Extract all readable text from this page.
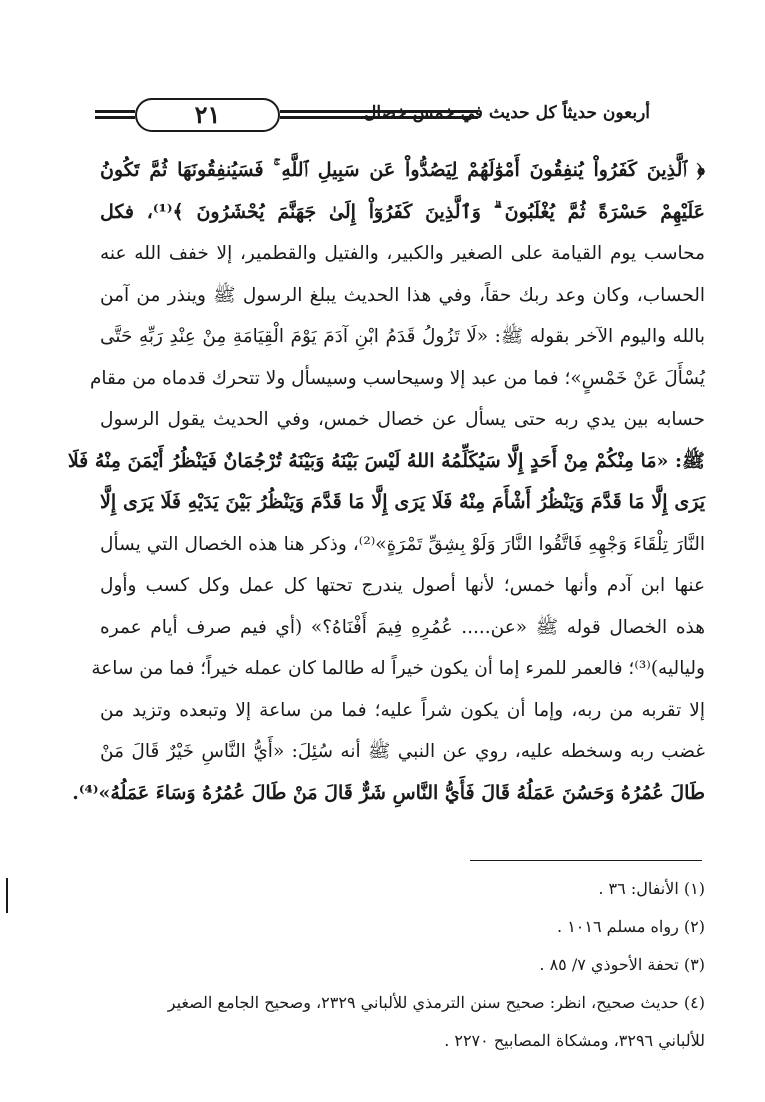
٢١	أربعون حديثاً كل حديث في خمس خصال
﴿ ٱلَّذِينَ كَفَرُواْ يُنفِقُونَ أَمْوَٰلَهُمْ لِيَصُدُّواْ عَن سَبِيلِ ٱللَّهِ ۚ فَسَيُنفِقُونَهَا ثُمَّ تَكُونُ
عَلَيْهِمْ حَسْرَةً ثُمَّ يُغْلَبُونَ ۗ وَٱلَّذِينَ كَفَرُوٓاْ إِلَىٰ جَهَنَّمَ يُحْشَرُونَ ﴾⁽¹⁾، فكل
محاسب يوم القيامة على الصغير والكبير، والفتيل والقطمير، إلا خفف الله عنه
الحساب، وكان وعد ربك حقاً، وفي هذا الحديث يبلغ الرسول ﷺ وينذر من آمن
بالله واليوم الآخر بقوله ﷺ: «لَا تَزُولُ قَدَمُ ابْنِ آدَمَ يَوْمَ الْقِيَامَةِ مِنْ عِنْدِ رَبِّهِ حَتَّى
يُسْأَلَ عَنْ خَمْسٍ»؛ فما من عبد إلا وسيحاسب وسيسأل ولا تتحرك قدماه من مقام
حسابه بين يدي ربه حتى يسأل عن خصال خمس، وفي الحديث يقول الرسول
ﷺ: «مَا مِنْكُمْ مِنْ أَحَدٍ إِلَّا سَيُكَلِّمُهُ اللهُ لَيْسَ بَيْنَهُ وَبَيْنَهُ تُرْجُمَانٌ فَيَنْظُرُ أَيْمَنَ مِنْهُ فَلَا
يَرَى إِلَّا مَا قَدَّمَ وَيَنْظُرُ أَشْأَمَ مِنْهُ فَلَا يَرَى إِلَّا مَا قَدَّمَ وَيَنْظُرُ بَيْنَ يَدَيْهِ فَلَا يَرَى إِلَّا
النَّارَ تِلْقَاءَ وَجْهِهِ فَاتَّقُوا النَّارَ وَلَوْ بِشِقِّ تَمْرَةٍ»⁽²⁾، وذكر هنا هذه الخصال التي يسأل
عنها ابن آدم وأنها خمس؛ لأنها أصول يندرج تحتها كل عمل وكل كسب وأول
هذه الخصال قوله ﷺ «عن..... عُمُرِهِ فِيمَ أَفْنَاهُ؟» (أي فيم صرف أيام عمره
ولياليه)⁽³⁾؛ فالعمر للمرء إما أن يكون خيراً له طالما كان عمله خيراً؛ فما من ساعة
إلا تقربه من ربه، وإما أن يكون شراً عليه؛ فما من ساعة إلا وتبعده وتزيد من
غضب ربه وسخطه عليه، روي عن النبي ﷺ أنه سُئِلَ: «أَيُّ النَّاسِ خَيْرٌ قَالَ مَنْ
طَالَ عُمُرُهُ وَحَسُنَ عَمَلُهُ قَالَ فَأَيُّ النَّاسِ شَرٌّ قَالَ مَنْ طَالَ عُمُرُهُ وَسَاءَ عَمَلُهُ»⁽⁴⁾.
(١) الأنفال: ٣٦ .
(٢) رواه مسلم ١٠١٦ .
(٣) تحفة الأحوذي ٧/ ٨٥ .
(٤) حديث صحيح، انظر: صحيح سنن الترمذي للألباني ٢٣٢٩، وصحيح الجامع الصغير
للألباني ٣٢٩٦، ومشكاة المصابيح ٢٢٧٠ .
